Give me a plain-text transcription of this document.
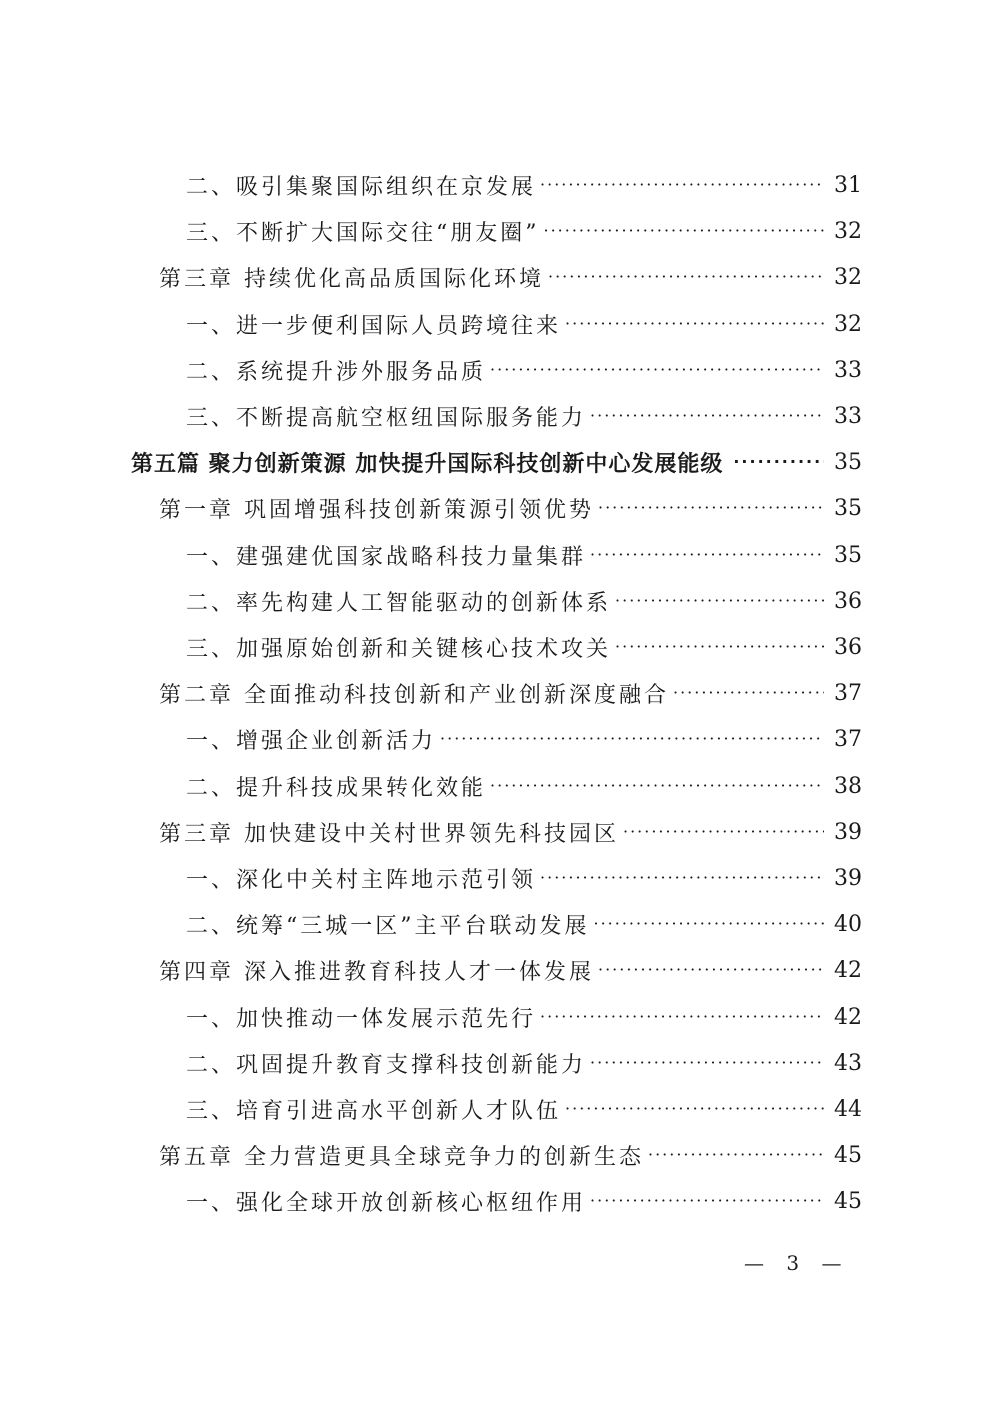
二、吸引集聚国际组织在京发展 ·····	31
三、不断扩大国际交往“朋友圈” ·····	32
第三章 持续优化高品质国际化环境 ·····	32
一、进一步便利国际人员跨境往来 ·····	32
二、系统提升涉外服务品质 ·····	33
三、不断提高航空枢纽国际服务能力 ·····	33
第五篇 聚力创新策源 加快提升国际科技创新中心发展能级 ·····	35
第一章 巩固增强科技创新策源引领优势 ·····	35
一、建强建优国家战略科技力量集群 ·····	35
二、率先构建人工智能驱动的创新体系 ·····	36
三、加强原始创新和关键核心技术攻关 ·····	36
第二章 全面推动科技创新和产业创新深度融合 ·····	37
一、增强企业创新活力 ·····	37
二、提升科技成果转化效能 ·····	38
第三章 加快建设中关村世界领先科技园区 ·····	39
一、深化中关村主阵地示范引领 ·····	39
二、统筹“三城一区”主平台联动发展 ·····	40
第四章 深入推进教育科技人才一体发展 ·····	42
一、加快推动一体发展示范先行 ·····	42
二、巩固提升教育支撑科技创新能力 ·····	43
三、培育引进高水平创新人才队伍 ·····	44
第五章 全力营造更具全球竞争力的创新生态 ·····	45
一、强化全球开放创新核心枢纽作用 ·····	45
— 3 —
